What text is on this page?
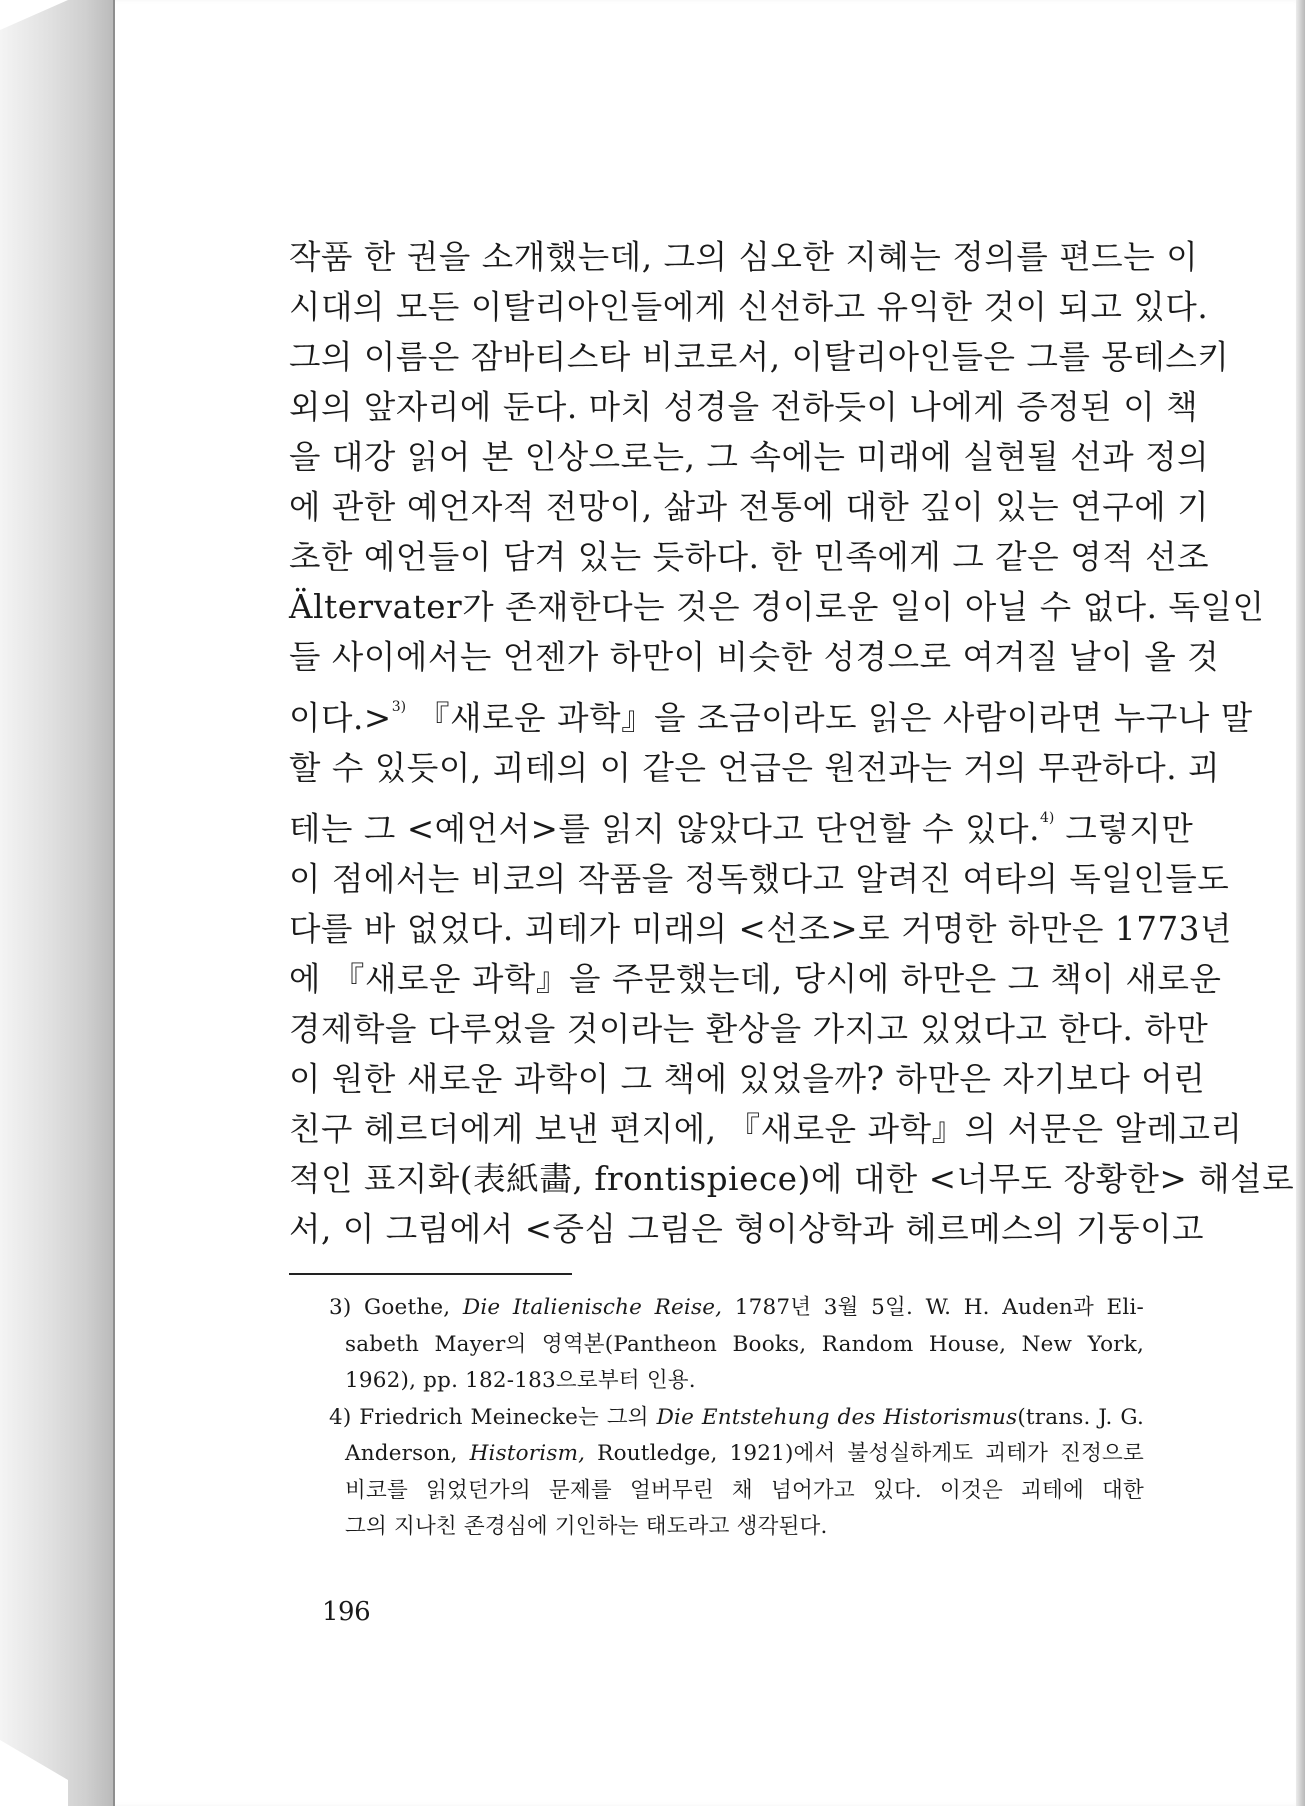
작품 한 권을 소개했는데, 그의 심오한 지혜는 정의를 편드는 이
시대의 모든 이탈리아인들에게 신선하고 유익한 것이 되고 있다.
그의 이름은 잠바티스타 비코로서, 이탈리아인들은 그를 몽테스키
외의 앞자리에 둔다. 마치 성경을 전하듯이 나에게 증정된 이 책
을 대강 읽어 본 인상으로는, 그 속에는 미래에 실현될 선과 정의
에 관한 예언자적 전망이, 삶과 전통에 대한 깊이 있는 연구에 기
초한 예언들이 담겨 있는 듯하다. 한 민족에게 그 같은 영적 선조
Ältervater가 존재한다는 것은 경이로운 일이 아닐 수 없다. 독일인
들 사이에서는 언젠가 하만이 비슷한 성경으로 여겨질 날이 올 것
이다.>$^{3)}$ 『새로운 과학』을 조금이라도 읽은 사람이라면 누구나 말
할 수 있듯이, 괴테의 이 같은 언급은 원전과는 거의 무관하다. 괴
테는 그 <예언서>를 읽지 않았다고 단언할 수 있다.$^{4)}$ 그렇지만
이 점에서는 비코의 작품을 정독했다고 알려진 여타의 독일인들도
다를 바 없었다. 괴테가 미래의 <선조>로 거명한 하만은 1773년
에 『새로운 과학』을 주문했는데, 당시에 하만은 그 책이 새로운
경제학을 다루었을 것이라는 환상을 가지고 있었다고 한다. 하만
이 원한 새로운 과학이 그 책에 있었을까? 하만은 자기보다 어린
친구 헤르더에게 보낸 편지에, 『새로운 과학』의 서문은 알레고리
적인 표지화(表紙畵, frontispiece)에 대한 <너무도 장황한> 해설로
서, 이 그림에서 <중심 그림은 형이상학과 헤르메스의 기둥이고
3) Goethe, Die Italienische Reise, 1787년 3월 5일. W. H. Auden과 Eli-
sabeth Mayer의 영역본(Pantheon Books, Random House, New York,
1962), pp. 182-183으로부터 인용.
4) Friedrich Meinecke는 그의 Die Entstehung des Historismus(trans. J. G.
Anderson, Historism, Routledge, 1921)에서 불성실하게도 괴테가 진정으로
비코를 읽었던가의 문제를 얼버무린 채 넘어가고 있다. 이것은 괴테에 대한
그의 지나친 존경심에 기인하는 태도라고 생각된다.
196
